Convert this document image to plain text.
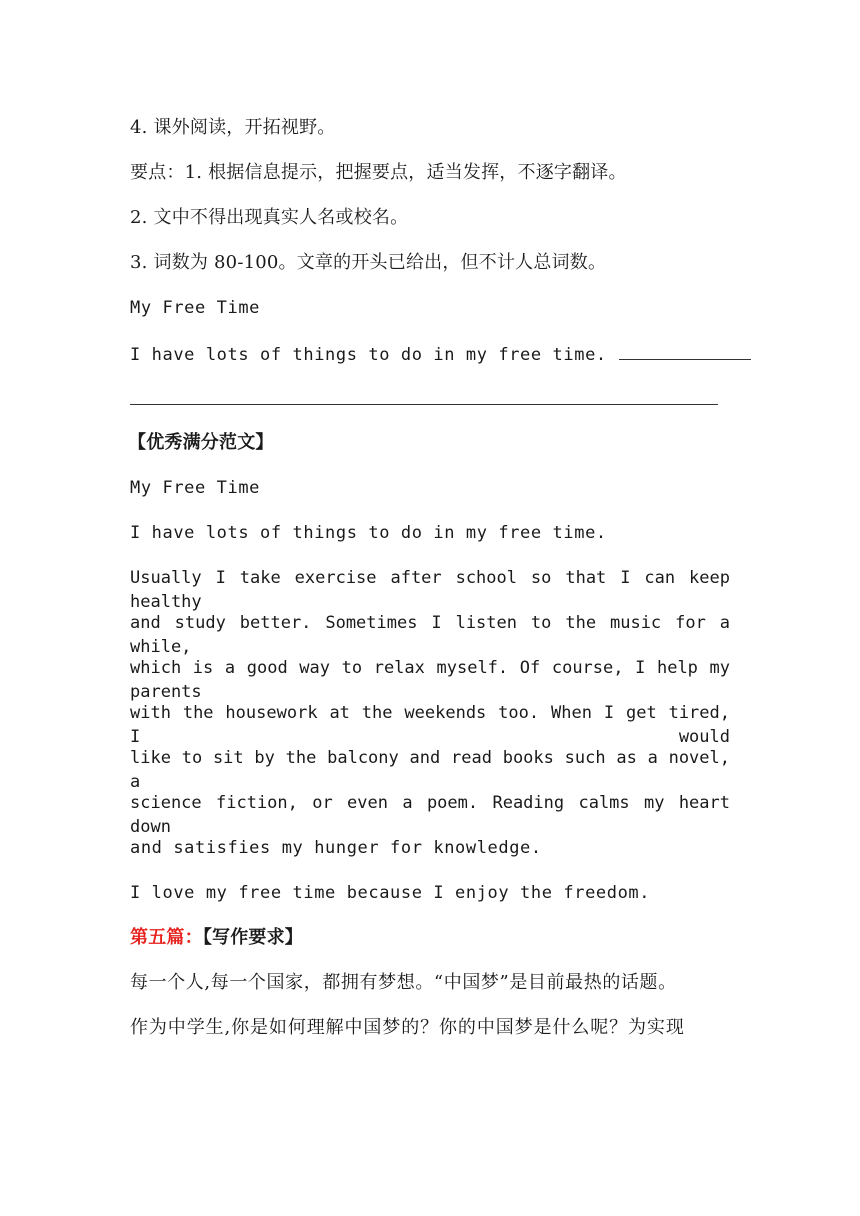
4. 课外阅读，开拓视野。
要点：1. 根据信息提示，把握要点，适当发挥，不逐字翻译。
2. 文中不得出现真实人名或校名。
3. 词数为 80-100。文章的开头已给出，但不计人总词数。
My Free Time
I have lots of things to do in my free time.
【优秀满分范文】
My Free Time
I have lots of things to do in my free time.
Usually I take exercise after school so that I can keep healthy
and study better. Sometimes I listen to the music for a while,
which is a good way to relax myself. Of course, I help my parents
with the housework at the weekends too. When I get tired, I would
like to sit by the balcony and read books such as a novel, a
science fiction, or even a poem. Reading calms my heart down
and satisfies my hunger for knowledge.
I love my free time because I enjoy the freedom.
第五篇：【写作要求】
每一个人,每一个国家，都拥有梦想。“中国梦”是目前最热的话题。
作为中学生,你是如何理解中国梦的？你的中国梦是什么呢？为实现
